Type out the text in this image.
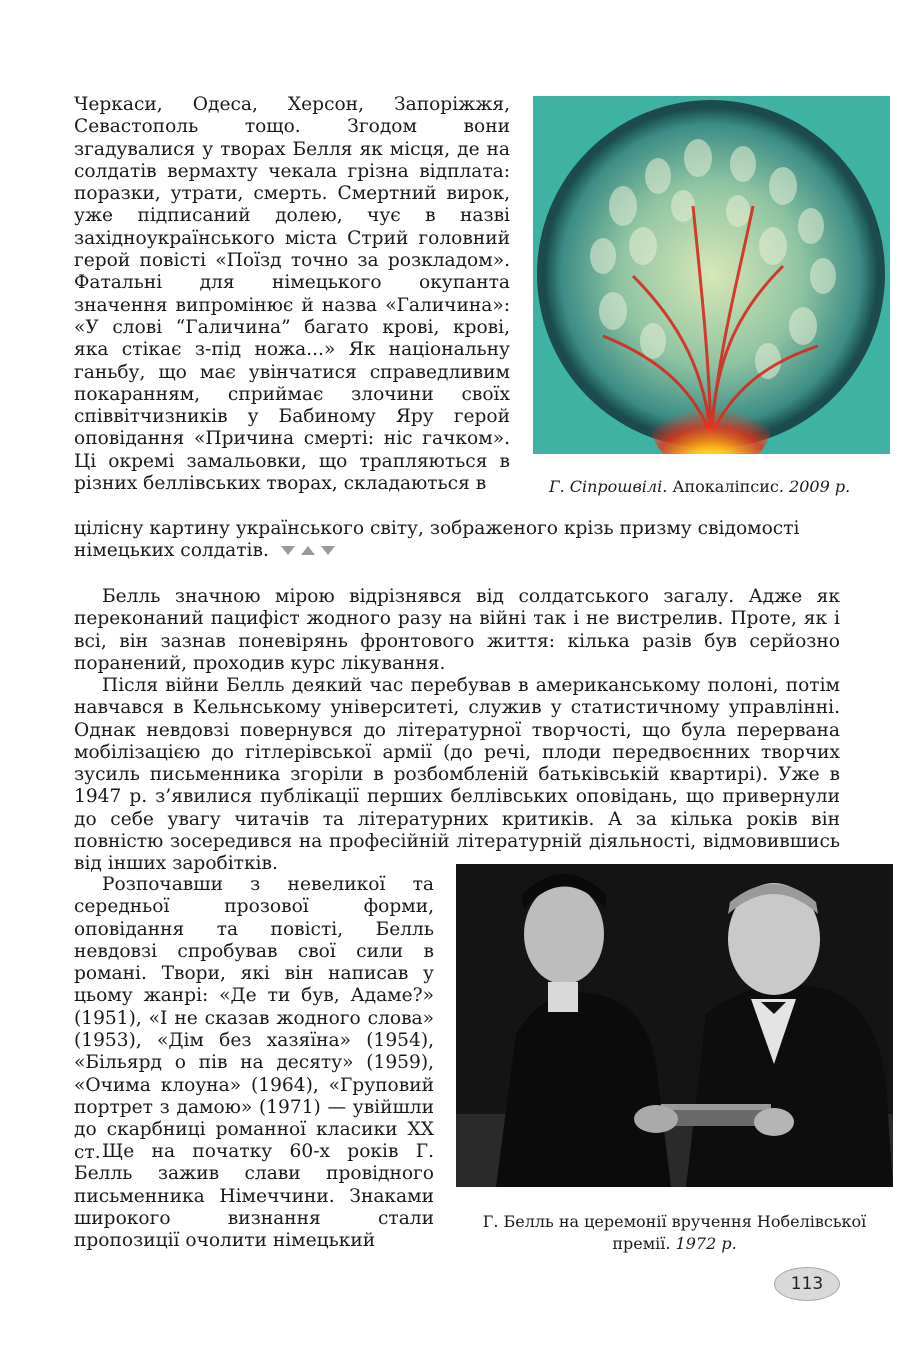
Черкаси, Одеса, Херсон, Запоріжжя, Севастополь тощо. Згодом вони згадувалися у творах Белля як місця, де на солдатів вермахту чекала грізна відплата: поразки, утрати, смерть. Смертний вирок, уже підписаний долею, чує в назві західноукраїнського міста Стрий головний герой повісті «Поїзд точно за розкладом». Фатальні для німецького окупанта значення випромінює й назва «Галичина»: «У слові “Галичина” багато крові, крові, яка стікає з-під ножа...» Як національну ганьбу, що має увінчатися справедливим покаранням, сприймає злочини своїх співвітчизників у Бабиному Яру герой оповідання «Причина смерті: ніс гачком». Ці окремі замальовки, що трапляються в різних беллівських творах, складаються в

цілісну картину українського світу, зображеного крізь призму свідомості німецьких солдатів.

Г. Сіпрошвілі. Апокаліпсис. 2009 р.

Белль значною мірою відрізнявся від солдатського загалу. Адже як переконаний пацифіст жодного разу на війні так і не вистрелив. Проте, як і всі, він зазнав поневірянь фронтового життя: кілька разів був серйозно поранений, проходив курс лікування.

Після війни Белль деякий час перебував в американському полоні, потім навчався в Кельнському університеті, служив у статистичному управлінні. Однак невдовзі повернувся до літературної творчості, що була перервана мобілізацією до гітлерівської армії (до речі, плоди передвоєнних творчих зусиль письменника згоріли в розбомбленій батьківській квартирі). Уже в 1947 р. з’явилися публікації перших беллівських оповідань, що привернули до себе увагу читачів та літературних критиків. А за кілька років він повністю зосередився на професійній літературній діяльності, відмовившись від інших заробітків.

Розпочавши з невеликої та середньої прозової форми, оповідання та повісті, Белль невдовзі спробував свої сили в романі. Твори, які він написав у цьому жанрі: «Де ти був, Адаме?» (1951), «І не сказав жодного слова» (1953), «Дім без хазяїна» (1954), «Більярд о пів на десяту» (1959), «Очима клоуна» (1964), «Груповий портрет з дамою» (1971) — увійшли до скарбниці романної класики XX ст. Ще на початку 60-х років Г. Белль зажив слави провідного письменника Німеччини. Знаками широкого визнання стали пропозиції очолити німецький

Г. Белль на церемонії вручення Нобелівської премії. 1972 р.
113
